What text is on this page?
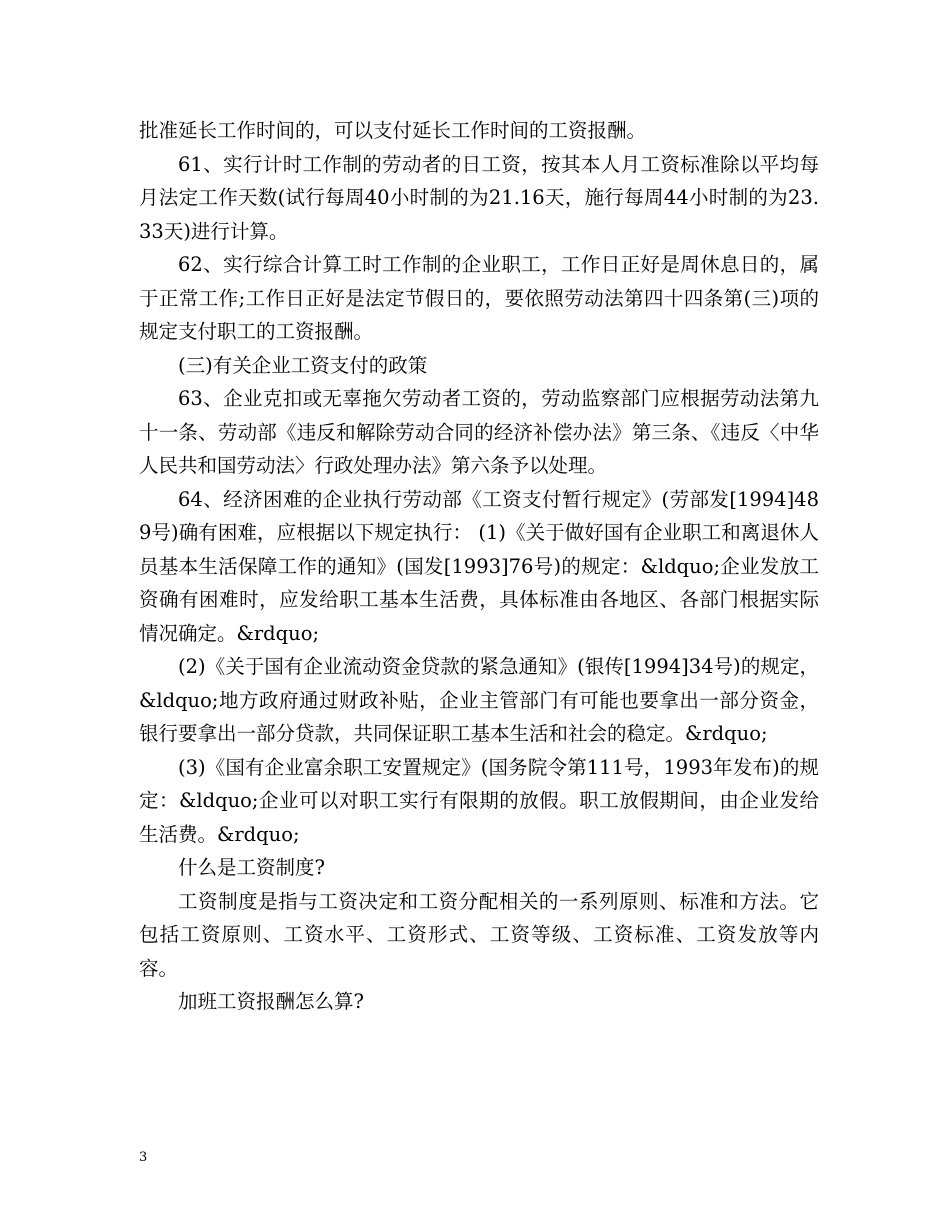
批准延长工作时间的，可以支付延长工作时间的工资报酬。

61、实行计时工作制的劳动者的日工资，按其本人月工资标准除以平均每月法定工作天数(试行每周40小时制的为21.16天，施行每周44小时制的为23.33天)进行计算。

62、实行综合计算工时工作制的企业职工，工作日正好是周休息日的，属于正常工作;工作日正好是法定节假日的，要依照劳动法第四十四条第(三)项的规定支付职工的工资报酬。

(三)有关企业工资支付的政策

63、企业克扣或无辜拖欠劳动者工资的，劳动监察部门应根据劳动法第九十一条、劳动部《违反和解除劳动合同的经济补偿办法》第三条、《违反〈中华人民共和国劳动法〉行政处理办法》第六条予以处理。

64、经济困难的企业执行劳动部《工资支付暂行规定》(劳部发[1994]489号)确有困难，应根据以下规定执行： (1)《关于做好国有企业职工和离退休人员基本生活保障工作的通知》(国发[1993]76号)的规定：&ldquo;企业发放工资确有困难时，应发给职工基本生活费，具体标准由各地区、各部门根据实际情况确定。&rdquo;

(2)《关于国有企业流动资金贷款的紧急通知》(银传[1994]34号)的规定，&ldquo;地方政府通过财政补贴，企业主管部门有可能也要拿出一部分资金，银行要拿出一部分贷款，共同保证职工基本生活和社会的稳定。&rdquo;

(3)《国有企业富余职工安置规定》(国务院令第111号，1993年发布)的规定：&ldquo;企业可以对职工实行有限期的放假。职工放假期间，由企业发给生活费。&rdquo;

什么是工资制度?

工资制度是指与工资决定和工资分配相关的一系列原则、标准和方法。它包括工资原则、工资水平、工资形式、工资等级、工资标准、工资发放等内容。

加班工资报酬怎么算?

3
